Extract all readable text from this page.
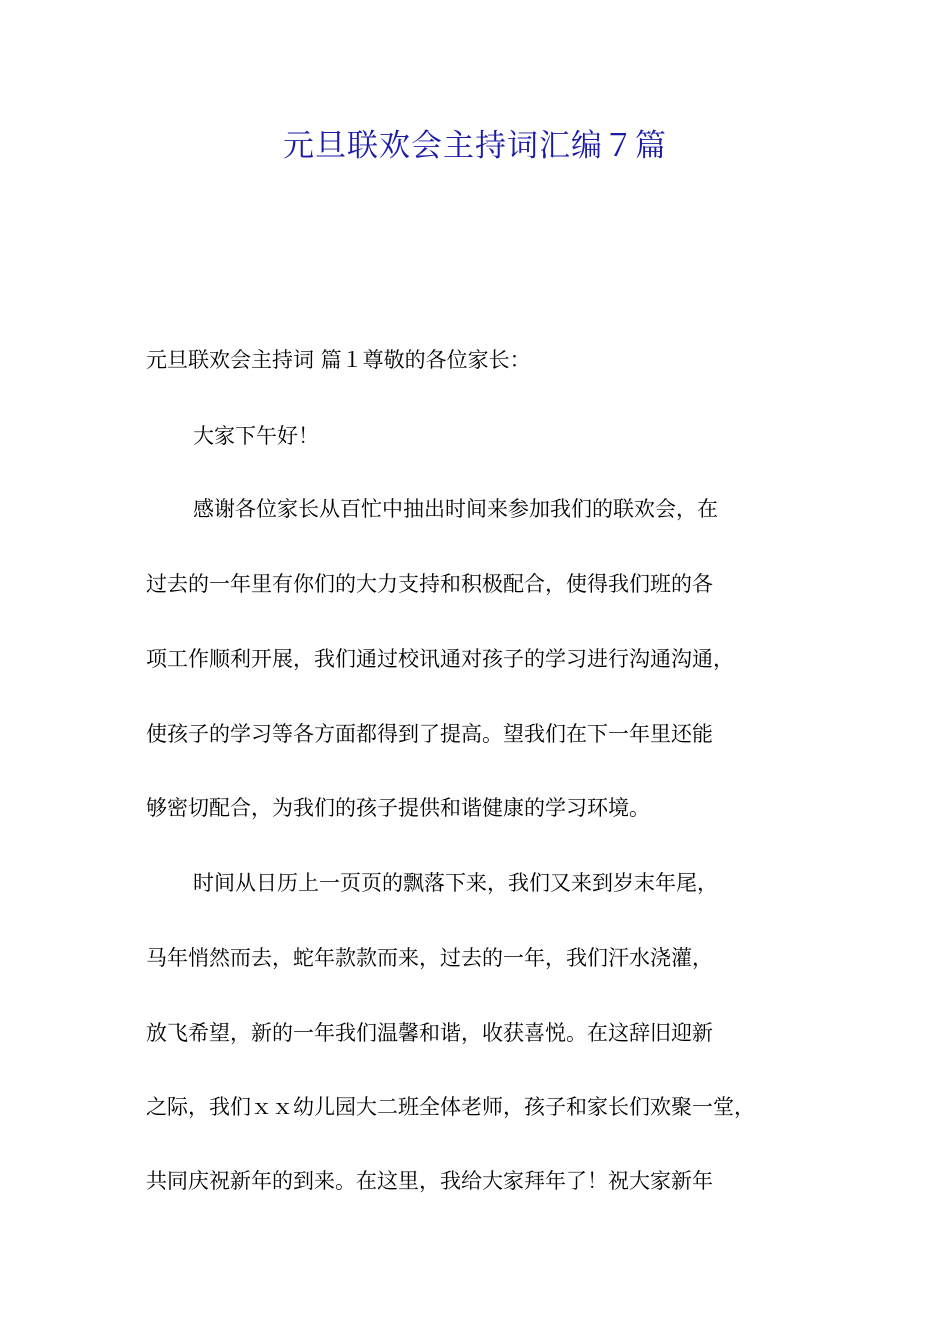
元旦联欢会主持词汇编７篇

元旦联欢会主持词 篇１尊敬的各位家长：

大家下午好！

感谢各位家长从百忙中抽出时间来参加我们的联欢会，在

过去的一年里有你们的大力支持和积极配合，使得我们班的各

项工作顺利开展，我们通过校讯通对孩子的学习进行沟通沟通，

使孩子的学习等各方面都得到了提高。望我们在下一年里还能

够密切配合，为我们的孩子提供和谐健康的学习环境。

时间从日历上一页页的飘落下来，我们又来到岁末年尾，

马年悄然而去，蛇年款款而来，过去的一年，我们汗水浇灌，

放飞希望，新的一年我们温馨和谐，收获喜悦。在这辞旧迎新

之际，我们ｘｘ幼儿园大二班全体老师，孩子和家长们欢聚一堂，

共同庆祝新年的到来。在这里，我给大家拜年了！祝大家新年
